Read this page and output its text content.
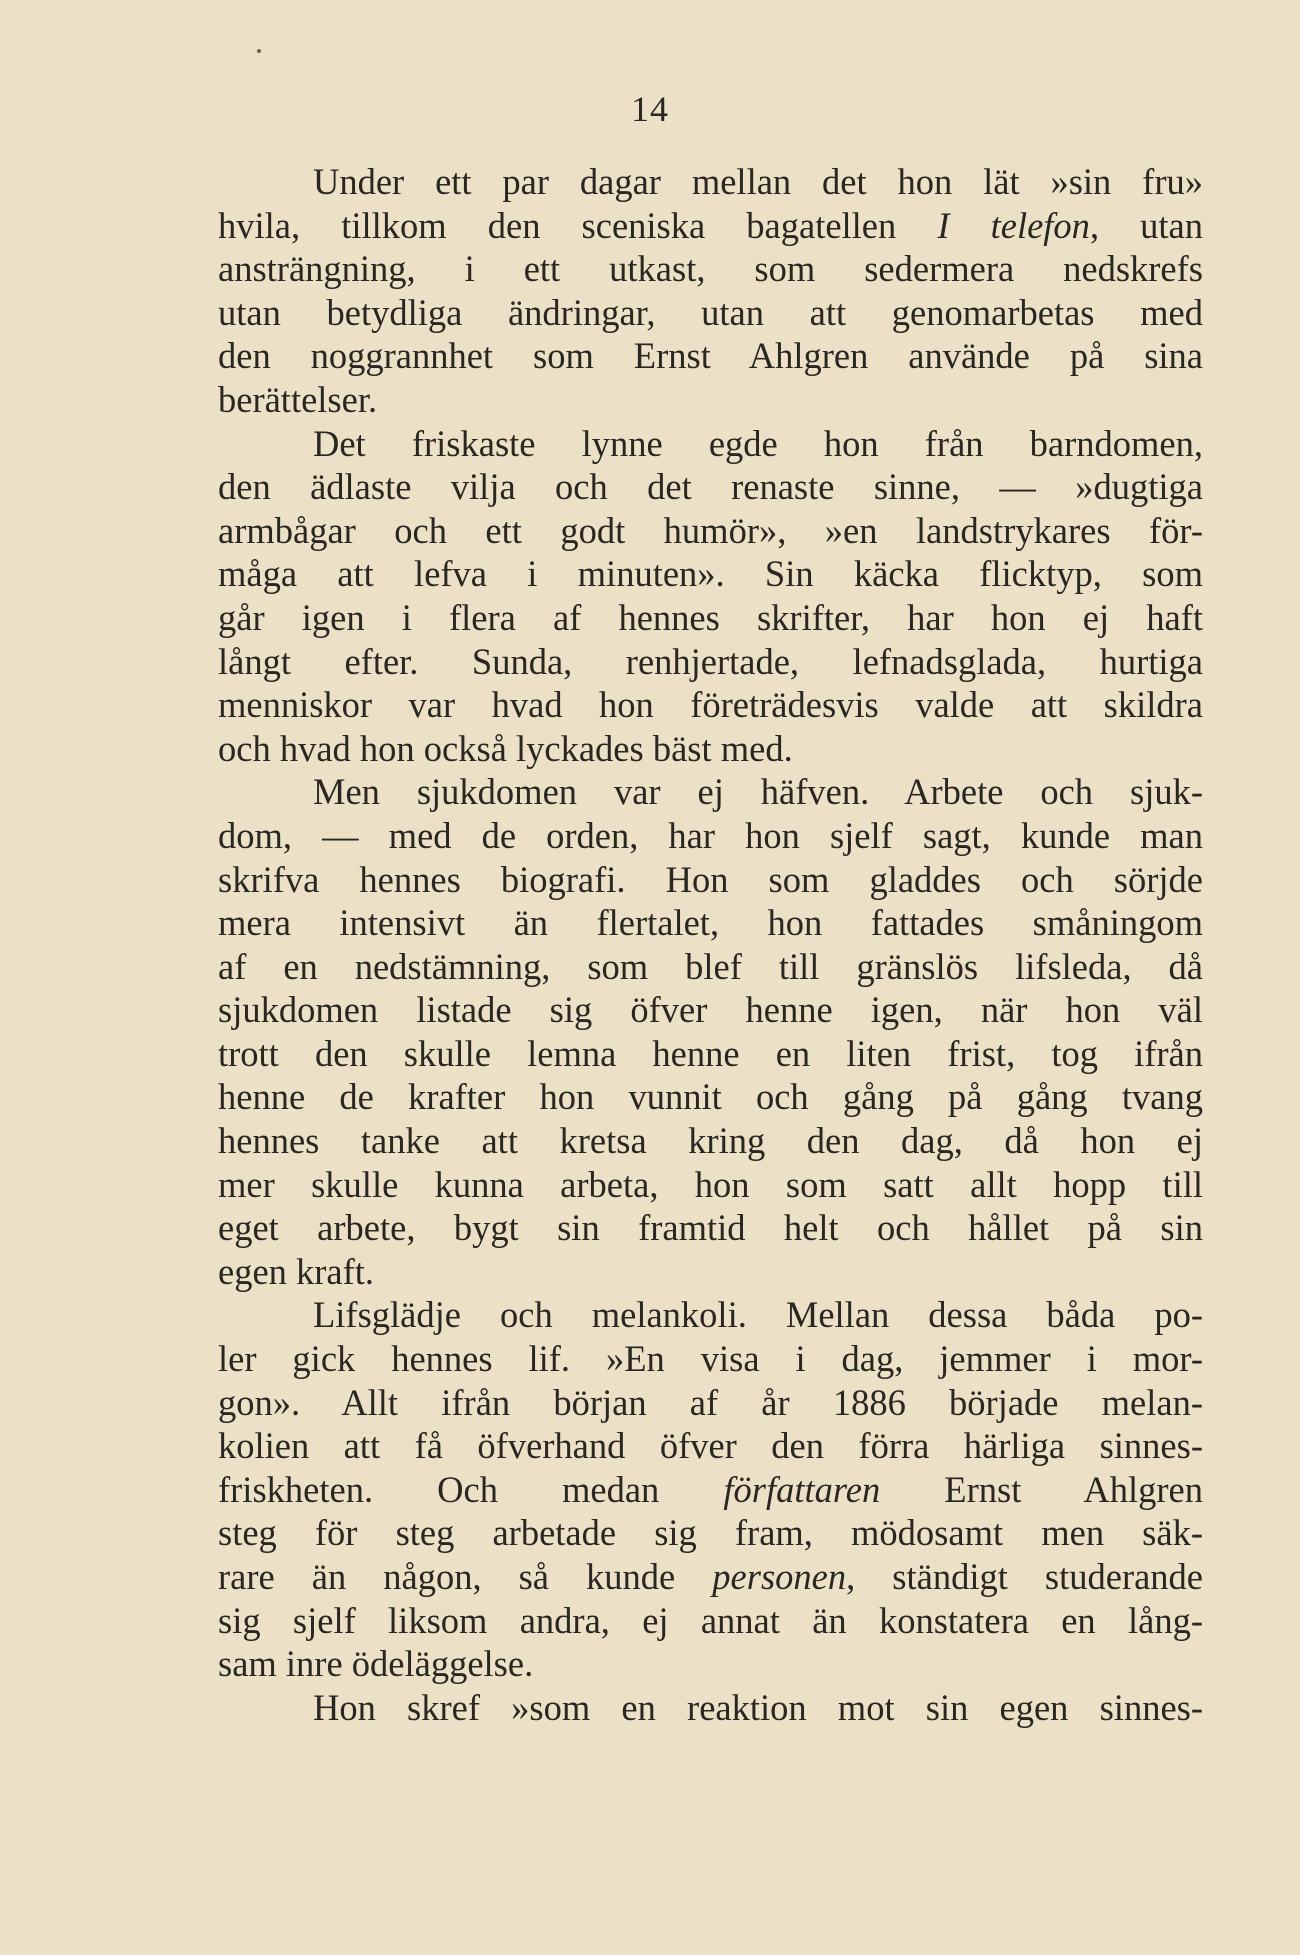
14
Under ett par dagar mellan det hon lät »sin fru»
hvila, tillkom den sceniska bagatellen I telefon, utan
ansträngning, i ett utkast, som sedermera nedskrefs
utan betydliga ändringar, utan att genomarbetas med
den noggrannhet som Ernst Ahlgren använde på sina
berättelser.
Det friskaste lynne egde hon från barndomen,
den ädlaste vilja och det renaste sinne, — »dugtiga
armbågar och ett godt humör», »en landstrykares för-
måga att lefva i minuten». Sin käcka flicktyp, som
går igen i flera af hennes skrifter, har hon ej haft
långt efter. Sunda, renhjertade, lefnadsglada, hurtiga
menniskor var hvad hon företrädesvis valde att skildra
och hvad hon också lyckades bäst med.
Men sjukdomen var ej häfven. Arbete och sjuk-
dom, — med de orden, har hon sjelf sagt, kunde man
skrifva hennes biografi. Hon som gladdes och sörjde
mera intensivt än flertalet, hon fattades småningom
af en nedstämning, som blef till gränslös lifsleda, då
sjukdomen listade sig öfver henne igen, när hon väl
trott den skulle lemna henne en liten frist, tog ifrån
henne de krafter hon vunnit och gång på gång tvang
hennes tanke att kretsa kring den dag, då hon ej
mer skulle kunna arbeta, hon som satt allt hopp till
eget arbete, bygt sin framtid helt och hållet på sin
egen kraft.
Lifsglädje och melankoli. Mellan dessa båda po-
ler gick hennes lif. »En visa i dag, jemmer i mor-
gon». Allt ifrån början af år 1886 började melan-
kolien att få öfverhand öfver den förra härliga sinnes-
friskheten. Och medan författaren Ernst Ahlgren
steg för steg arbetade sig fram, mödosamt men säk-
rare än någon, så kunde personen, ständigt studerande
sig sjelf liksom andra, ej annat än konstatera en lång-
sam inre ödeläggelse.
Hon skref »som en reaktion mot sin egen sinnes-
